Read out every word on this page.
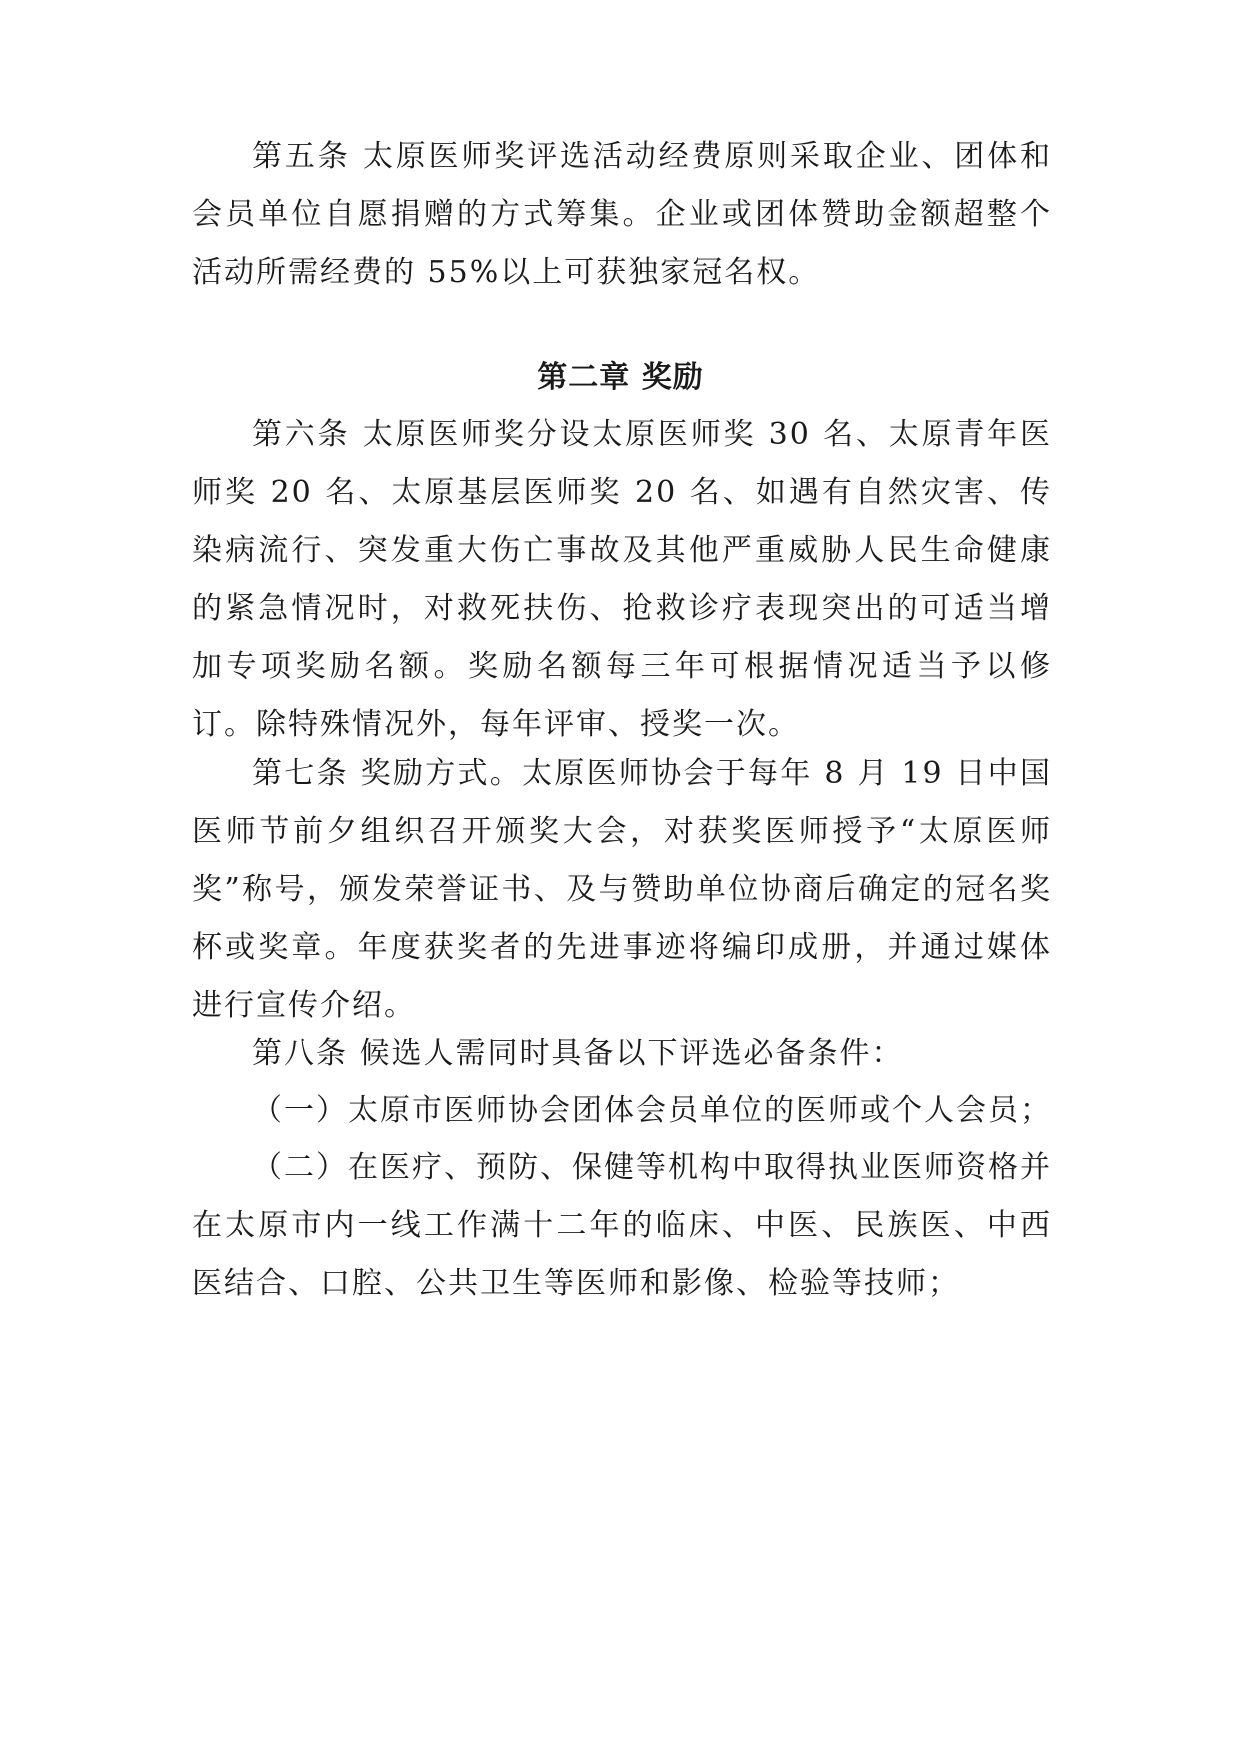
第五条 太原医师奖评选活动经费原则采取企业、团体和会员单位自愿捐赠的方式筹集。企业或团体赞助金额超整个活动所需经费的 55%以上可获独家冠名权。

第二章 奖励

第六条 太原医师奖分设太原医师奖 30 名、太原青年医师奖 20 名、太原基层医师奖 20 名、如遇有自然灾害、传染病流行、突发重大伤亡事故及其他严重威胁人民生命健康的紧急情况时，对救死扶伤、抢救诊疗表现突出的可适当增加专项奖励名额。奖励名额每三年可根据情况适当予以修订。除特殊情况外，每年评审、授奖一次。

第七条 奖励方式。太原医师协会于每年 8 月 19 日中国医师节前夕组织召开颁奖大会，对获奖医师授予“太原医师奖”称号，颁发荣誉证书、及与赞助单位协商后确定的冠名奖杯或奖章。年度获奖者的先进事迹将编印成册，并通过媒体进行宣传介绍。

第八条 候选人需同时具备以下评选必备条件：

（一）太原市医师协会团体会员单位的医师或个人会员；

（二）在医疗、预防、保健等机构中取得执业医师资格并在太原市内一线工作满十二年的临床、中医、民族医、中西医结合、口腔、公共卫生等医师和影像、检验等技师；
